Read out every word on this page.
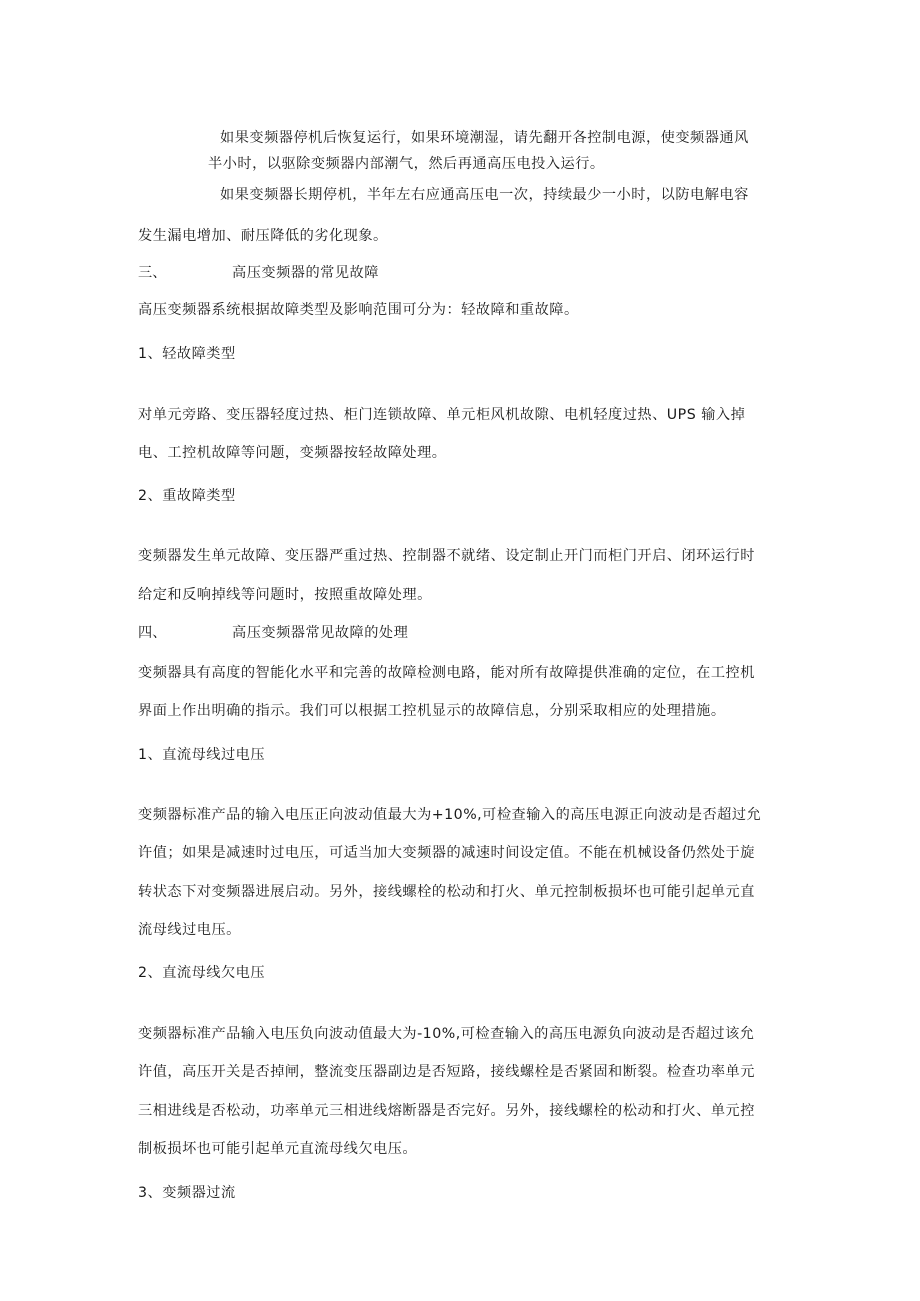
如果变频器停机后恢复运行，如果环境潮湿，请先翻开各控制电源，使变频器通风
半小时，以驱除变频器内部潮气，然后再通高压电投入运行。
如果变频器长期停机，半年左右应通高压电一次，持续最少一小时，以防电解电容
发生漏电增加、耐压降低的劣化现象。
三、	高压变频器的常见故障
高压变频器系统根据故障类型及影响范围可分为：轻故障和重故障。
1、轻故障类型
对单元旁路、变压器轻度过热、柜门连锁故障、单元柜风机故隙、电机轻度过热、UPS 输入掉
电、工控机故障等问题，变频器按轻故障处理。
2、重故障类型
变频器发生单元故障、变压器严重过热、控制器不就绪、设定制止开门而柜门开启、闭环运行时
给定和反响掉线等问题时，按照重故障处理。
四、	高压变频器常见故障的处理
变频器具有高度的智能化水平和完善的故障检测电路，能对所有故障提供准确的定位，在工控机
界面上作出明确的指示。我们可以根据工控机显示的故障信息，分别采取相应的处理措施。
1、直流母线过电压
变频器标准产品的输入电压正向波动值最大为+10%,可检查输入的高压电源正向波动是否超过允
许值；如果是减速时过电压，可适当加大变频器的减速时间设定值。不能在机械设备仍然处于旋
转状态下对变频器进展启动。另外，接线螺栓的松动和打火、单元控制板损坏也可能引起单元直
流母线过电压。
2、直流母线欠电压
变频器标准产品输入电压负向波动值最大为-10%,可检查输入的高压电源负向波动是否超过该允
许值，高压开关是否掉闸，整流变压器副边是否短路，接线螺栓是否紧固和断裂。检查功率单元
三相进线是否松动，功率单元三相进线熔断器是否完好。另外，接线螺栓的松动和打火、单元控
制板损坏也可能引起单元直流母线欠电压。
3、变频器过流
